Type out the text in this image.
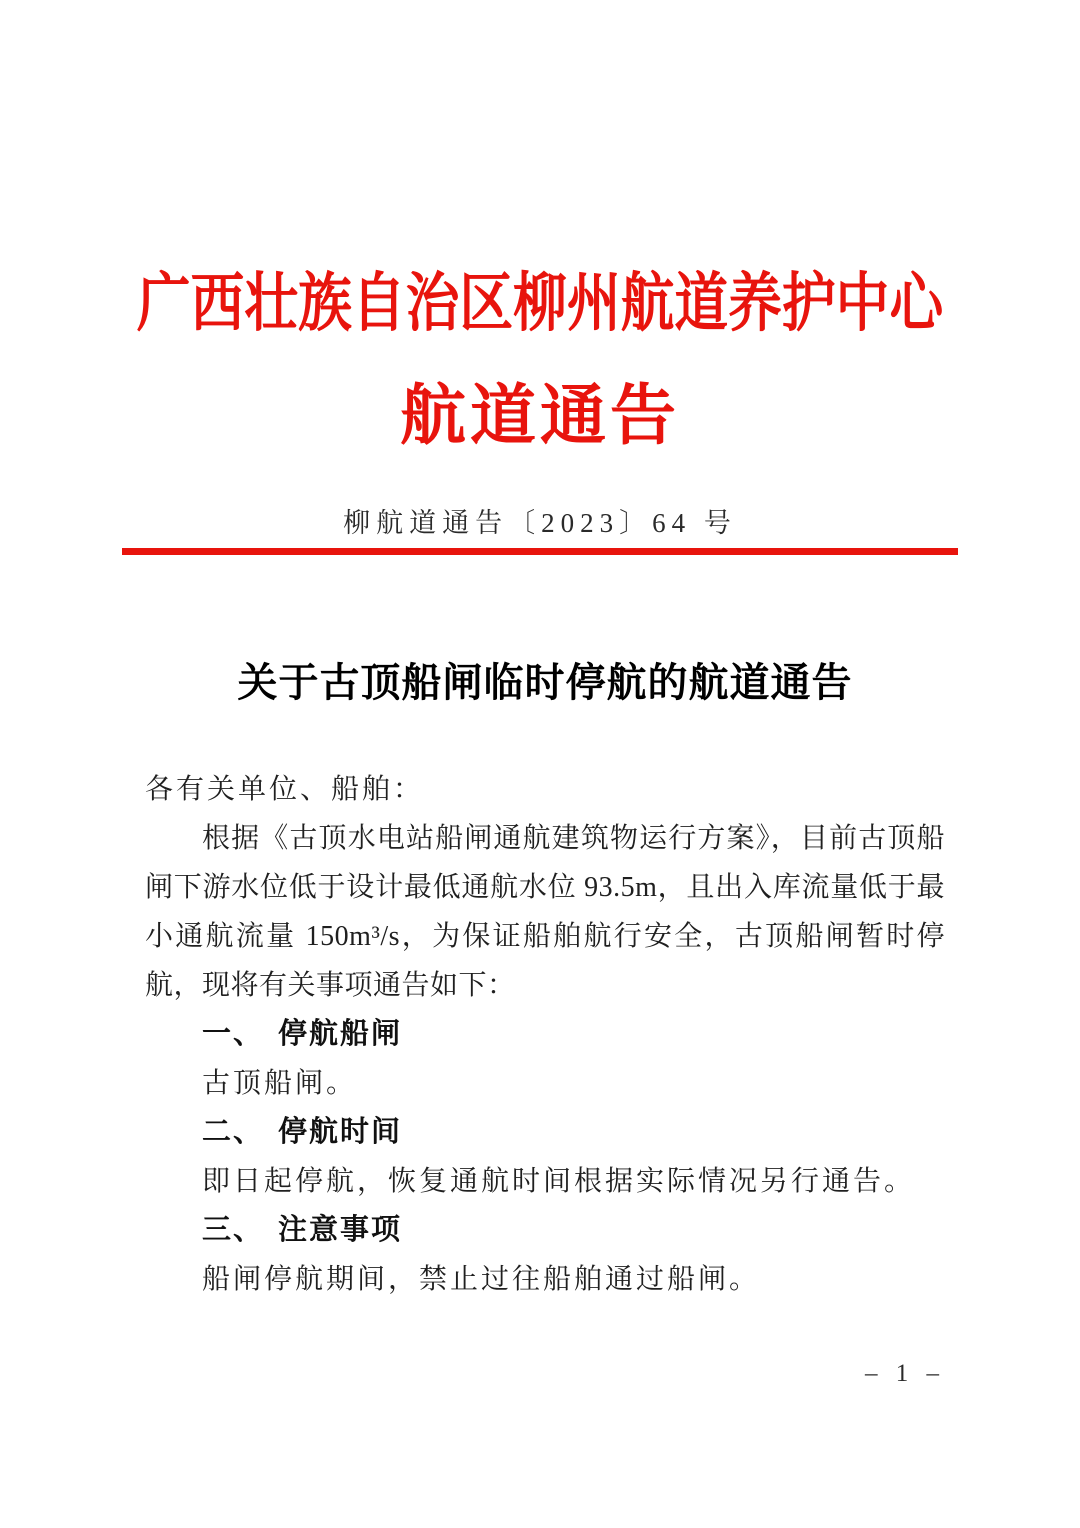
广西壮族自治区柳州航道养护中心
航道通告
柳航道通告〔2023〕64 号
关于古顶船闸临时停航的航道通告

各有关单位、船舶：

根据《古顶水电站船闸通航建筑物运行方案》，目前古顶船闸下游水位低于设计最低通航水位 93.5m，且出入库流量低于最小通航流量 150m³/s，为保证船舶航行安全，古顶船闸暂时停航，现将有关事项通告如下：

一、 停航船闸

古顶船闸。

二、 停航时间

即日起停航，恢复通航时间根据实际情况另行通告。

三、 注意事项

船闸停航期间，禁止过往船舶通过船闸。

– 1 –
